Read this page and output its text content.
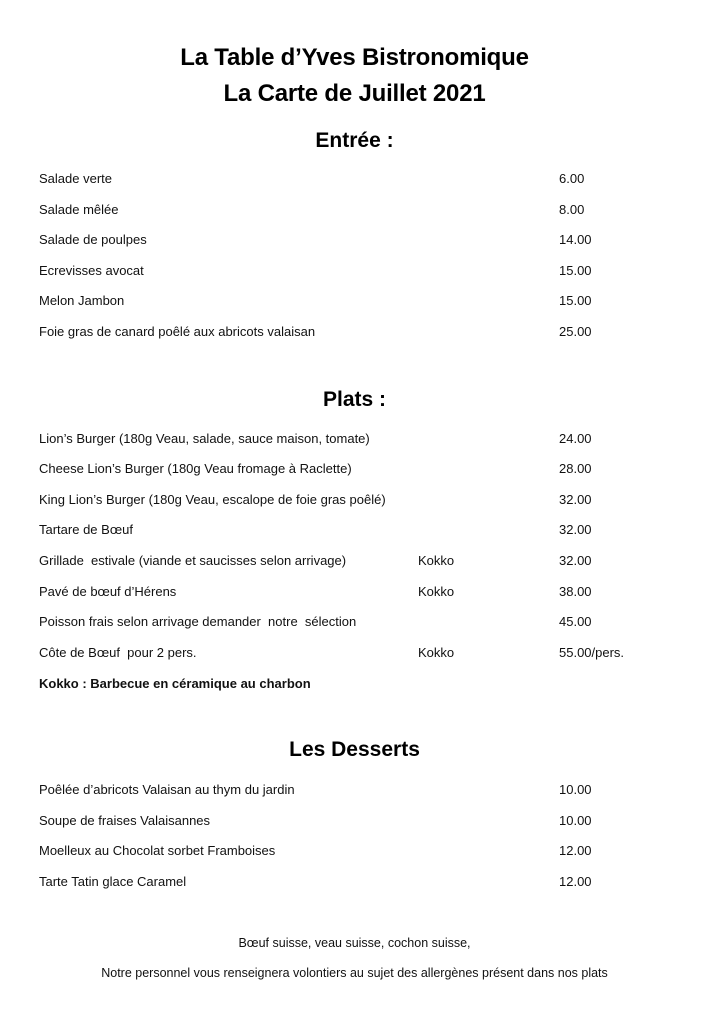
La Table d’Yves Bistronomique
La Carte de Juillet 2021
Entrée :
Salade verte	6.00
Salade mêlée	8.00
Salade de poulpes	14.00
Ecrevisses avocat	15.00
Melon Jambon	15.00
Foie gras de canard poêlé aux abricots valaisan	25.00
Plats :
Lion’s Burger (180g Veau, salade, sauce maison, tomate)	24.00
Cheese Lion’s Burger (180g Veau fromage à Raclette)	28.00
King Lion’s Burger (180g Veau, escalope de foie gras poêlé)	32.00
Tartare de Bœuf	32.00
Grillade  estivale (viande et saucisses selon arrivage)	Kokko	32.00
Pavé de bœuf d’Hérens	Kokko	38.00
Poisson frais selon arrivage demander  notre  sélection	45.00
Côte de Bœuf  pour 2 pers.	Kokko	55.00/pers.
Kokko : Barbecue en céramique au charbon
Les Desserts
Poêlée d’abricots Valaisan au thym du jardin	10.00
Soupe de fraises Valaisannes	10.00
Moelleux au Chocolat sorbet Framboises	12.00
Tarte Tatin glace Caramel	12.00
Bœuf suisse, veau suisse, cochon suisse,
Notre personnel vous renseignera volontiers au sujet des allergènes présent dans nos plats
